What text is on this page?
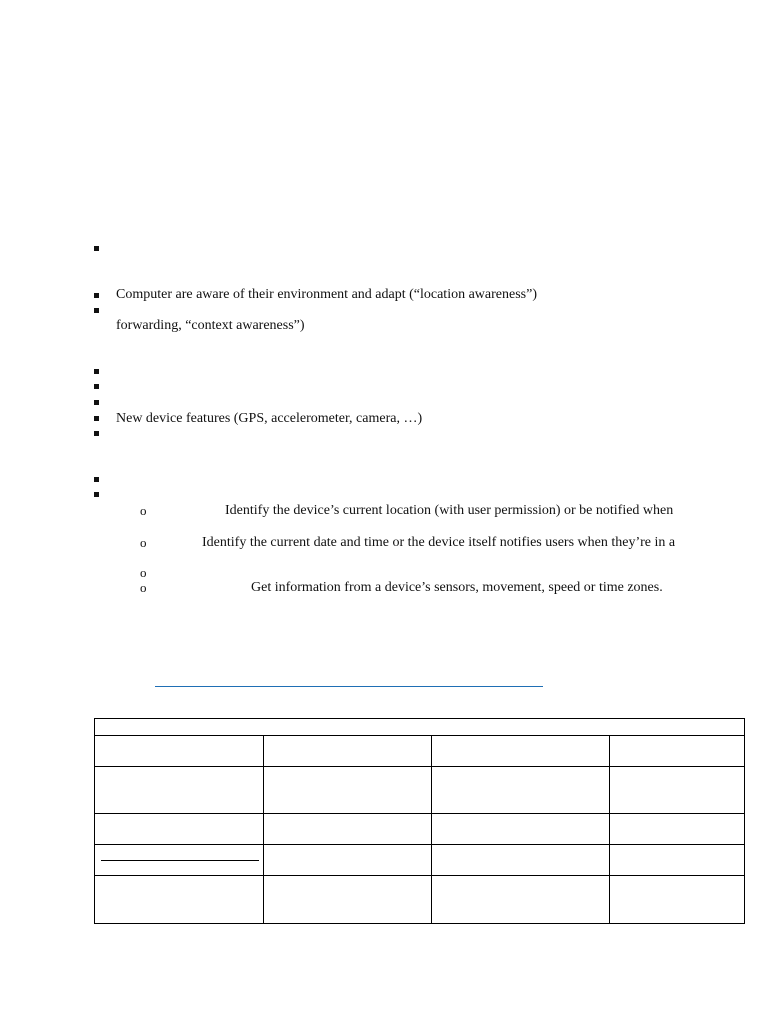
Computer are aware of their environment and adapt (“location awareness”)
forwarding, “context awareness”)
New device features (GPS, accelerometer, camera, …)
o	Identify the device’s current location (with user permission) or be notified when
o	Identify the current date and time or the device itself notifies users when they’re in a
o
o	Get information from a device’s sensors, movement, speed or time zones.
